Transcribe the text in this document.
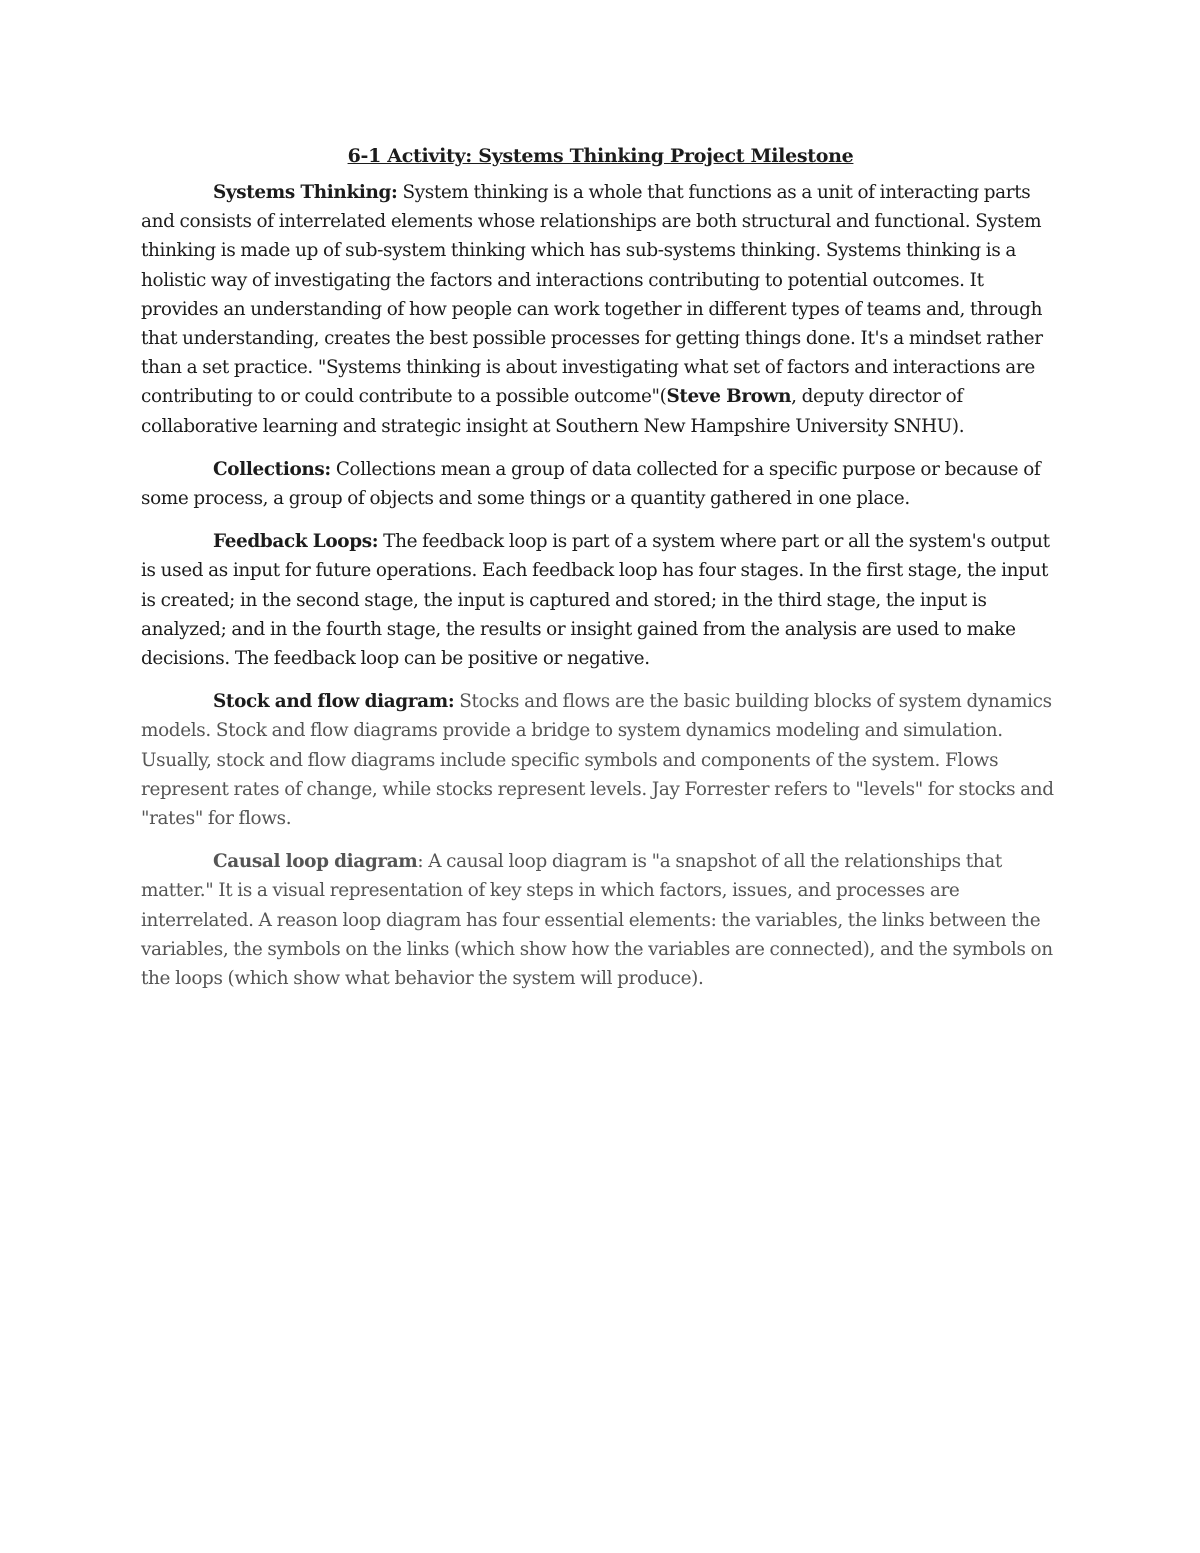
6-1 Activity: Systems Thinking Project Milestone

Systems Thinking: System thinking is a whole that functions as a unit of interacting parts and consists of interrelated elements whose relationships are both structural and functional. System thinking is made up of sub-system thinking which has sub-systems thinking. Systems thinking is a holistic way of investigating the factors and interactions contributing to potential outcomes. It provides an understanding of how people can work together in different types of teams and, through that understanding, creates the best possible processes for getting things done. It's a mindset rather than a set practice. "Systems thinking is about investigating what set of factors and interactions are contributing to or could contribute to a possible outcome"(Steve Brown, deputy director of collaborative learning and strategic insight at Southern New Hampshire University SNHU).

Collections: Collections mean a group of data collected for a specific purpose or because of some process, a group of objects and some things or a quantity gathered in one place.

Feedback Loops: The feedback loop is part of a system where part or all the system's output is used as input for future operations. Each feedback loop has four stages. In the first stage, the input is created; in the second stage, the input is captured and stored; in the third stage, the input is analyzed; and in the fourth stage, the results or insight gained from the analysis are used to make decisions. The feedback loop can be positive or negative.

Stock and flow diagram: Stocks and flows are the basic building blocks of system dynamics models. Stock and flow diagrams provide a bridge to system dynamics modeling and simulation. Usually, stock and flow diagrams include specific symbols and components of the system. Flows represent rates of change, while stocks represent levels. Jay Forrester refers to "levels" for stocks and "rates" for flows.

Causal loop diagram: A causal loop diagram is "a snapshot of all the relationships that matter." It is a visual representation of key steps in which factors, issues, and processes are interrelated. A reason loop diagram has four essential elements: the variables, the links between the variables, the symbols on the links (which show how the variables are connected), and the symbols on the loops (which show what behavior the system will produce).
